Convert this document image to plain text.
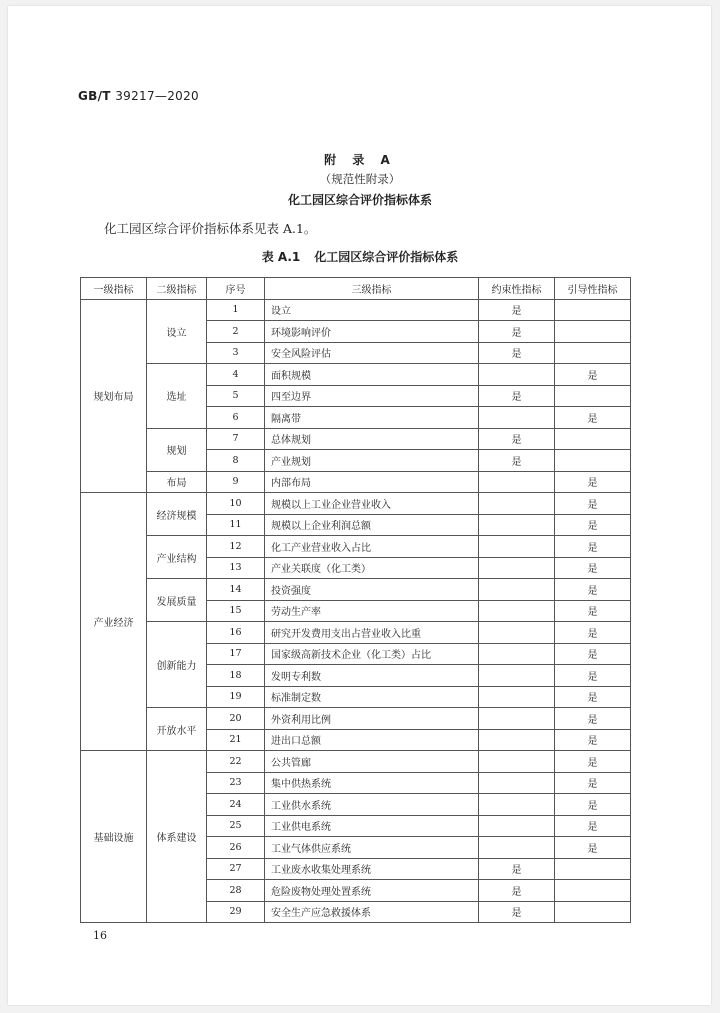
GB/T 39217—2020
附 录 A
（规范性附录）
化工园区综合评价指标体系
化工园区综合评价指标体系见表 A.1。
表 A.1 化工园区综合评价指标体系
一级指标	二级指标	序号	三级指标	约束性指标	引导性指标
规划布局	设立	1	设立	是	
		2	环境影响评价	是	
		3	安全风险评估	是	
	选址	4	面积规模		是
		5	四至边界	是	
		6	隔离带		是
	规划	7	总体规划	是	
		8	产业规划	是	
	布局	9	内部布局		是
产业经济	经济规模	10	规模以上工业企业营业收入		是
		11	规模以上企业利润总额		是
	产业结构	12	化工产业营业收入占比		是
		13	产业关联度（化工类）		是
	发展质量	14	投资强度		是
		15	劳动生产率		是
	创新能力	16	研究开发费用支出占营业收入比重		是
		17	国家级高新技术企业（化工类）占比		是
		18	发明专利数		是
		19	标准制定数		是
	开放水平	20	外资利用比例		是
		21	进出口总额		是
基础设施	体系建设	22	公共管廊		是
		23	集中供热系统		是
		24	工业供水系统		是
		25	工业供电系统		是
		26	工业气体供应系统		是
		27	工业废水收集处理系统	是	
		28	危险废物处理处置系统	是	
		29	安全生产应急救援体系	是	
16
